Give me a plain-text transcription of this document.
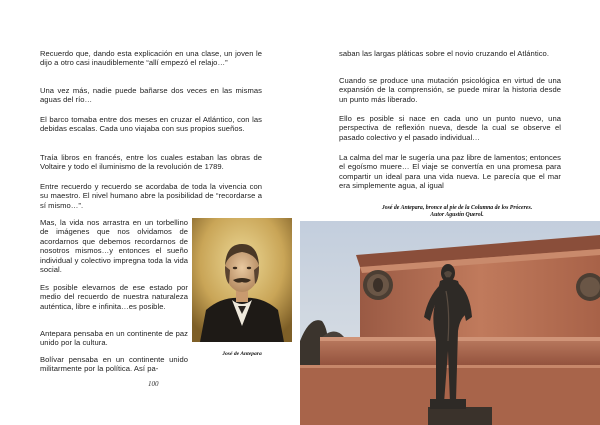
Recuerdo que, dando esta explicación en una clase, un joven le dijo a otro casi inaudiblemente “allí empezó el relajo…”

Una vez más, nadie puede bañarse dos veces en las mismas aguas del río…

El barco tomaba entre dos meses en cruzar el Atlántico, con las debidas escalas. Cada uno viajaba con sus propios sueños.

Traía libros en francés, entre los cuales estaban las obras de Voltaire y todo el iluminismo de la revolución de 1789.

Entre recuerdo y recuerdo se acordaba de toda la vivencia con su maestro. El nivel humano abre la posibilidad de “recordarse a sí mismo…”.

Mas, la vida nos arrastra en un torbellino de imágenes que nos olvidamos de acordarnos que debemos recordarnos de nosotros mismos…y entonces el sueño individual y colectivo impregna toda la vida social.

Es posible elevarnos de ese estado por medio del recuerdo de nuestra naturaleza auténtica, libre e infinita…es posible.

Antepara pensaba en un continente de paz unido por la cultura.

Bolívar pensaba en un continente unido militarmente por la política. Así pa-

José de Antepara
100

saban las largas pláticas sobre el novio cruzando el Atlántico.

Cuando se produce una mutación psicológica en virtud de una expansión de la comprensión, se puede mirar la historia desde un punto más liberado.

Ello es posible si nace en cada uno un punto nuevo, una perspectiva de reflexión nueva, desde la cual se observe el pasado colectivo y el pasado individual…

La calma del mar le sugería una paz libre de lamentos; entonces el egoísmo muere… El viaje se convertía en una promesa para compartir un ideal para una vida nueva. Le parecía que el mar era simplemente agua, al igual

José de Antepara, bronce al pie de la Columna de los Próceres.
Autor Agustín Querol.
